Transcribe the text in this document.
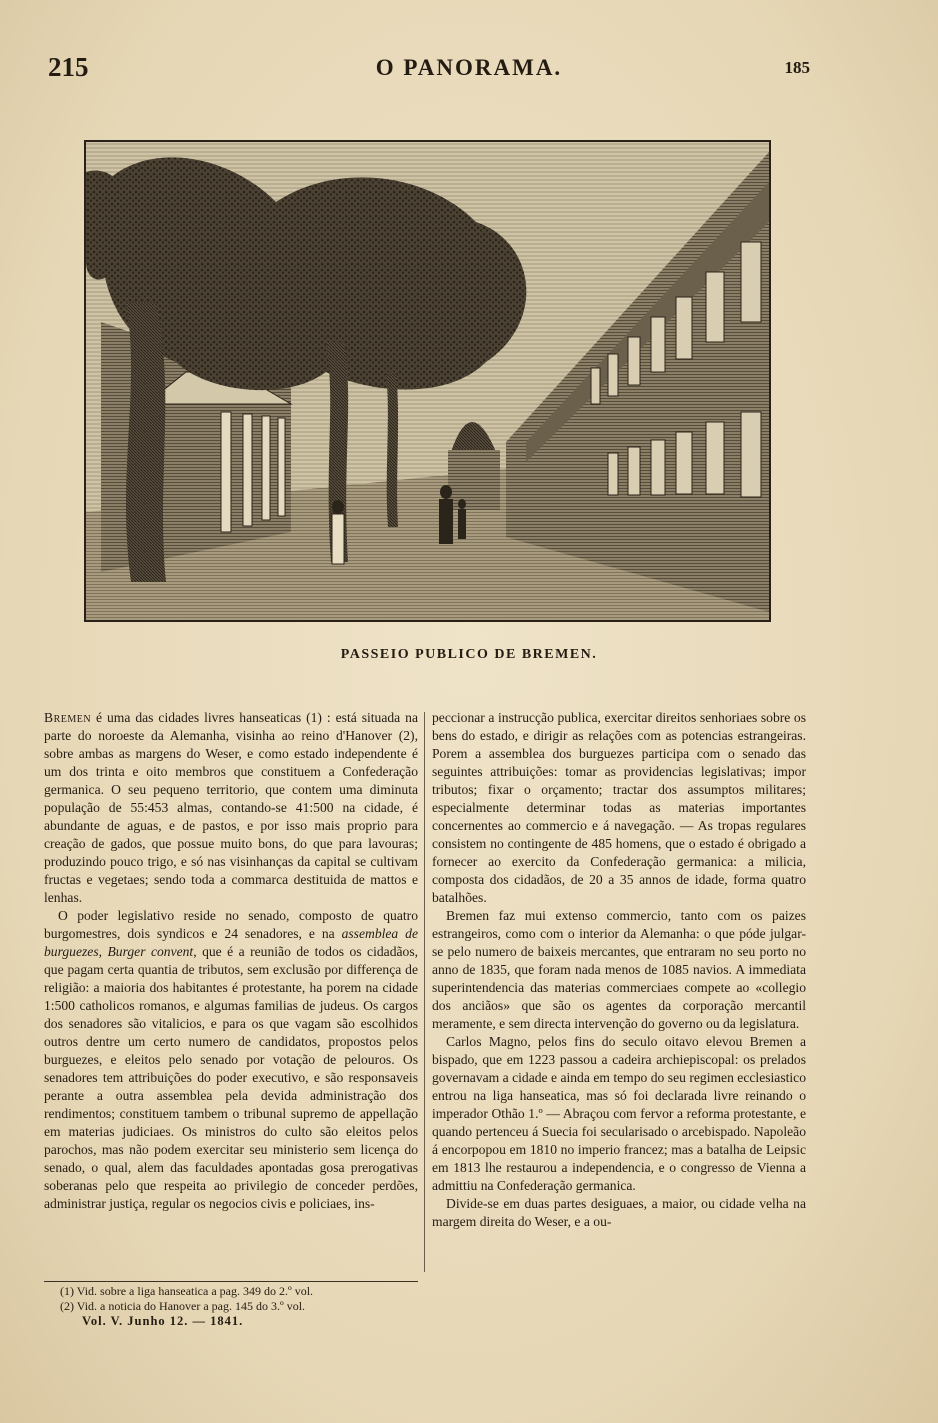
215	O PANORAMA.	185
PASSEIO PUBLICO DE BREMEN.

Bremen é uma das cidades livres hanseaticas (1) : está situada na parte do noroeste da Alemanha, visinha ao reino d'Hanover (2), sobre ambas as margens do Weser, e como estado independente é um dos trinta e oito membros que constituem a Confederação germanica. O seu pequeno territorio, que contem uma diminuta população de 55:453 almas, contando-se 41:500 na cidade, é abundante de aguas, e de pastos, e por isso mais proprio para creação de gados, que possue muito bons, do que para lavouras; produzindo pouco trigo, e só nas visinhanças da capital se cultivam fructas e vegetaes; sendo toda a commarca destituida de mattos e lenhas.

O poder legislativo reside no senado, composto de quatro burgomestres, dois syndicos e 24 senadores, e na assemblea de burguezes, Burger convent, que é a reunião de todos os cidadãos, que pagam certa quantia de tributos, sem exclusão por differença de religião: a maioria dos habitantes é protestante, ha porem na cidade 1:500 catholicos romanos, e algumas familias de judeus. Os cargos dos senadores são vitalicios, e para os que vagam são escolhidos outros dentre um certo numero de candidatos, propostos pelos burguezes, e eleitos pelo senado por votação de pelouros. Os senadores tem attribuições do poder executivo, e são responsaveis perante a outra assemblea pela devida administração dos rendimentos; constituem tambem o tribunal supremo de appellação em materias judiciaes. Os ministros do culto são eleitos pelos parochos, mas não podem exercitar seu ministerio sem licença do senado, o qual, alem das faculdades apontadas gosa prerogativas soberanas pelo que respeita ao privilegio de conceder perdões, administrar justiça, regular os negocios civis e policiaes, ins-

peccionar a instrucção publica, exercitar direitos senhoriaes sobre os bens do estado, e dirigir as relações com as potencias estrangeiras. Porem a assemblea dos burguezes participa com o senado das seguintes attribuições: tomar as providencias legislativas; impor tributos; fixar o orçamento; tractar dos assumptos militares; especialmente determinar todas as materias importantes concernentes ao commercio e á navegação. — As tropas regulares consistem no contingente de 485 homens, que o estado é obrigado a fornecer ao exercito da Confederação germanica: a milicia, composta dos cidadãos, de 20 a 35 annos de idade, forma quatro batalhões.

Bremen faz mui extenso commercio, tanto com os paizes estrangeiros, como com o interior da Alemanha: o que póde julgar-se pelo numero de baixeis mercantes, que entraram no seu porto no anno de 1835, que foram nada menos de 1085 navios. A immediata superintendencia das materias commerciaes compete ao «collegio dos anciãos» que são os agentes da corporação mercantil meramente, e sem directa intervenção do governo ou da legislatura.

Carlos Magno, pelos fins do seculo oitavo elevou Bremen a bispado, que em 1223 passou a cadeira archiepiscopal: os prelados governavam a cidade e ainda em tempo do seu regimen ecclesiastico entrou na liga hanseatica, mas só foi declarada livre reinando o imperador Othão 1.º — Abraçou com fervor a reforma protestante, e quando pertenceu á Suecia foi secularisado o arcebispado. Napoleão á encorpopou em 1810 no imperio francez; mas a batalha de Leipsic em 1813 lhe restaurou a independencia, e o congresso de Vienna a admittiu na Confederação germanica.

Divide-se em duas partes desiguaes, a maior, ou cidade velha na margem direita do Weser, e a ou-

(1) Vid. sobre a liga hanseatica a pag. 349 do 2.º vol.
(2) Vid. a noticia do Hanover a pag. 145 do 3.º vol.
Vol. V. Junho 12. — 1841.
